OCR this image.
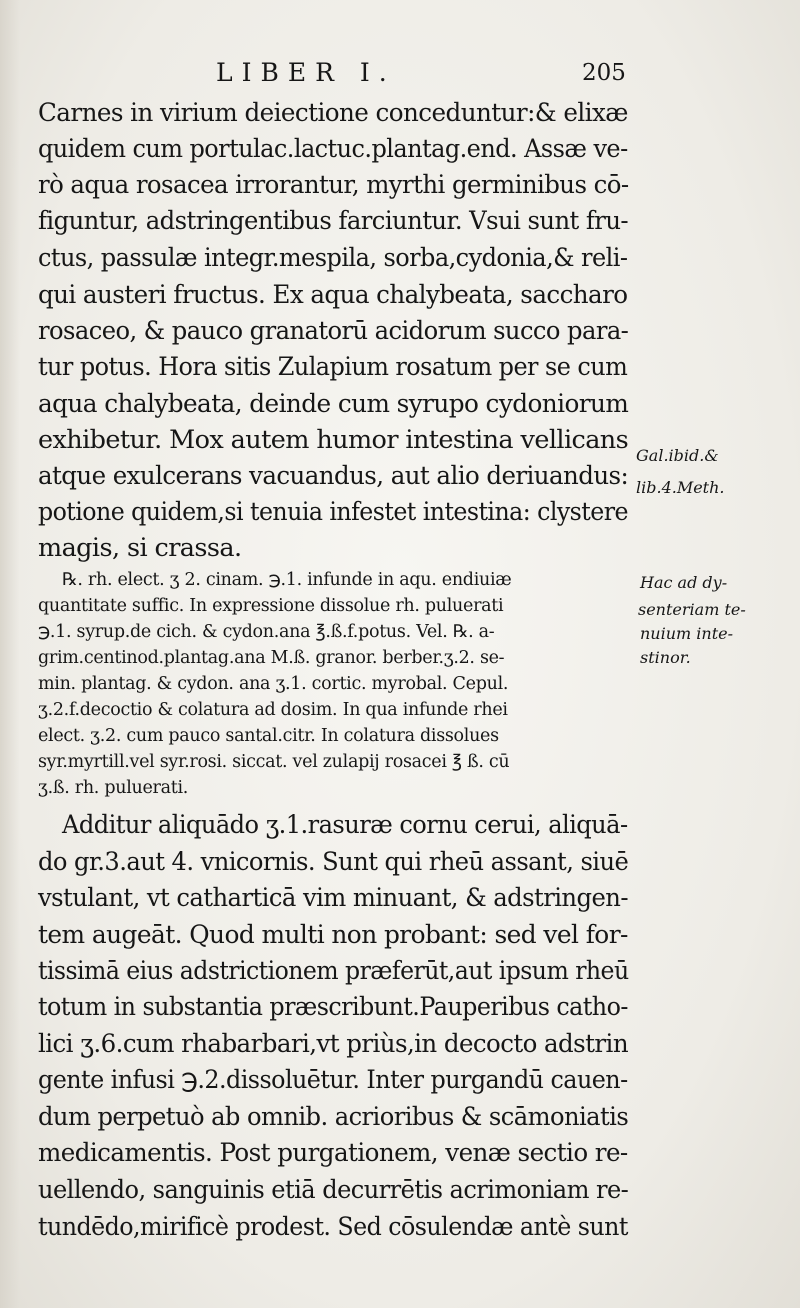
LIBER I.	205
Carnes in virium deiectione conceduntur:& elixæ
quidem cum portulac.lactuc.plantag.end. Assæ ve-
rò aqua rosacea irrorantur, myrthi germinibus cō-
figuntur, adstringentibus farciuntur. Vsui sunt fru-
ctus, passulæ integr.mespila, sorba,cydonia,& reli-
qui austeri fructus. Ex aqua chalybeata, saccharo
rosaceo, & pauco granatorū acidorum succo para-
tur potus. Hora sitis Zulapium rosatum per se cum
aqua chalybeata, deinde cum syrupo cydoniorum
exhibetur. Mox autem humor intestina vellicans
atque exulcerans vacuandus, aut alio deriuandus:
potione quidem,si tenuia infestet intestina: clystere
magis, si crassa.
Gal.ibid.&
lib.4.Meth.
Hac ad dy-
senteriam te-
nuium inte-
stinor.
℞. rh. elect. ʒ 2. cinam. ℈.1. infunde in aqu. endiuiæ
quantitate suffic. In expressione dissolue rh. puluerati
℈.1. syrup.de cich. & cydon.ana ℥.ß.f.potus. Vel. ℞. a-
grim.centinod.plantag.ana M.ß. granor. berber.ʒ.2. se-
min. plantag. & cydon. ana ʒ.1. cortic. myrobal. Cepul.
ʒ.2.f.decoctio & colatura ad dosim. In qua infunde rhei
elect. ʒ.2. cum pauco santal.citr. In colatura dissolues
syr.myrtill.vel syr.rosi. siccat. vel zulapij rosacei ℥ ß. cū
ʒ.ß. rh. puluerati.
Additur aliquādo ʒ.1.rasuræ cornu cerui, aliquā-
do gr.3.aut 4. vnicornis. Sunt qui rheū assant, siuē
vstulant, vt catharticā vim minuant, & adstringen-
tem augeāt. Quod multi non probant: sed vel for-
tissimā eius adstrictionem præferūt,aut ipsum rheū
totum in substantia præscribunt.Pauperibus catho-
lici ʒ.6.cum rhabarbari,vt priùs,in decocto adstrin
gente infusi ℈.2.dissoluētur. Inter purgandū cauen-
dum perpetuò ab omnib. acrioribus & scāmoniatis
medicamentis. Post purgationem, venæ sectio re-
uellendo, sanguinis etiā decurrētis acrimoniam re-
tundēdo,mirificè prodest. Sed cōsulendæ antè sunt
